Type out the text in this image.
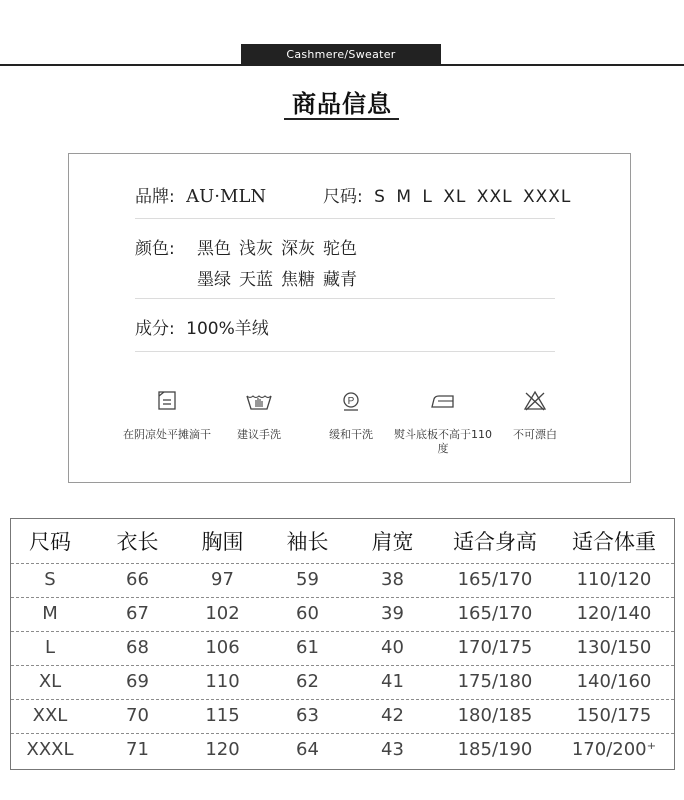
Cashmere/Sweater
商品信息
品牌: AU·MLN	尺码: S M L XL XXL XXXL
颜色: 黑色 浅灰 深灰 驼色
墨绿 天蓝 焦糖 藏青
成分: 100%羊绒
在阴凉处平摊滴干	建议手洗
P
缓和干洗	熨斗底板不高于110度
不可漂白
尺码	衣长	胸围	袖长	肩宽	适合身高	适合体重
S	66	97	59	38	165/170	110/120
M	67	102	60	39	165/170	120/140
L	68	106	61	40	170/175	130/150
XL	69	110	62	41	175/180	140/160
XXL	70	115	63	42	180/185	150/175
XXXL	71	120	64	43	185/190	170/200⁺
